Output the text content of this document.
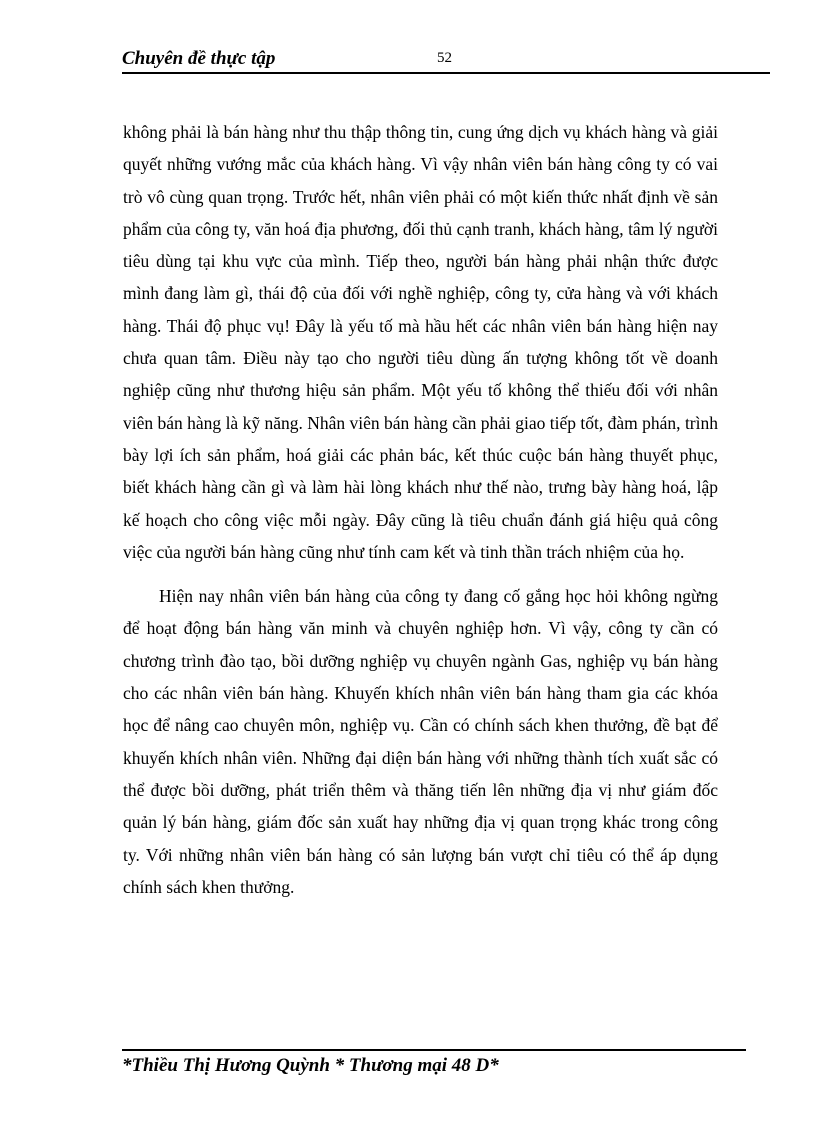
Chuyên đề thực tập	52

không phải là bán hàng như thu thập thông tin, cung ứng dịch vụ khách hàng và giải quyết những vướng mắc của khách hàng. Vì vậy nhân viên bán hàng công ty có vai trò vô cùng quan trọng. Trước hết, nhân viên phải có một kiến thức nhất định về sản phẩm của công ty, văn hoá địa phương, đối thủ cạnh tranh, khách hàng, tâm lý người tiêu dùng tại khu vực của mình. Tiếp theo, người bán hàng phải nhận thức được mình đang làm gì, thái độ của đối với nghề nghiệp, công ty, cửa hàng và với khách hàng. Thái độ phục vụ! Đây là yếu tố mà hầu hết các nhân viên bán hàng hiện nay chưa quan tâm. Điều này tạo cho người tiêu dùng ấn tượng không tốt về doanh nghiệp cũng như thương hiệu sản phẩm. Một yếu tố không thể thiếu đối với nhân viên bán hàng là kỹ năng. Nhân viên bán hàng cần phải giao tiếp tốt, đàm phán, trình bày lợi ích sản phẩm, hoá giải các phản bác, kết thúc cuộc bán hàng thuyết phục, biết khách hàng cần gì và làm hài lòng khách như thế nào, trưng bày hàng hoá, lập kế hoạch cho công việc mỗi ngày. Đây cũng là tiêu chuẩn đánh giá hiệu quả công việc của người bán hàng cũng như tính cam kết và tinh thần trách nhiệm của họ.

Hiện nay nhân viên bán hàng của công ty đang cố gắng học hỏi không ngừng để hoạt động bán hàng văn minh và chuyên nghiệp hơn. Vì vậy, công ty cần có chương trình đào tạo, bồi dưỡng nghiệp vụ chuyên ngành Gas, nghiệp vụ bán hàng cho các nhân viên bán hàng. Khuyến khích nhân viên bán hàng tham gia các khóa học để nâng cao chuyên môn, nghiệp vụ. Cần có chính sách khen thưởng, đề bạt để khuyến khích nhân viên. Những đại diện bán hàng với những thành tích xuất sắc có thể được bồi dưỡng, phát triển thêm và thăng tiến lên những địa vị như giám đốc quản lý bán hàng, giám đốc sản xuất hay những địa vị quan trọng khác trong công ty. Với những nhân viên bán hàng có sản lượng bán vượt chỉ tiêu có thể áp dụng chính sách khen thưởng.

*Thiều Thị Hương Quỳnh * Thương mại 48 D*
